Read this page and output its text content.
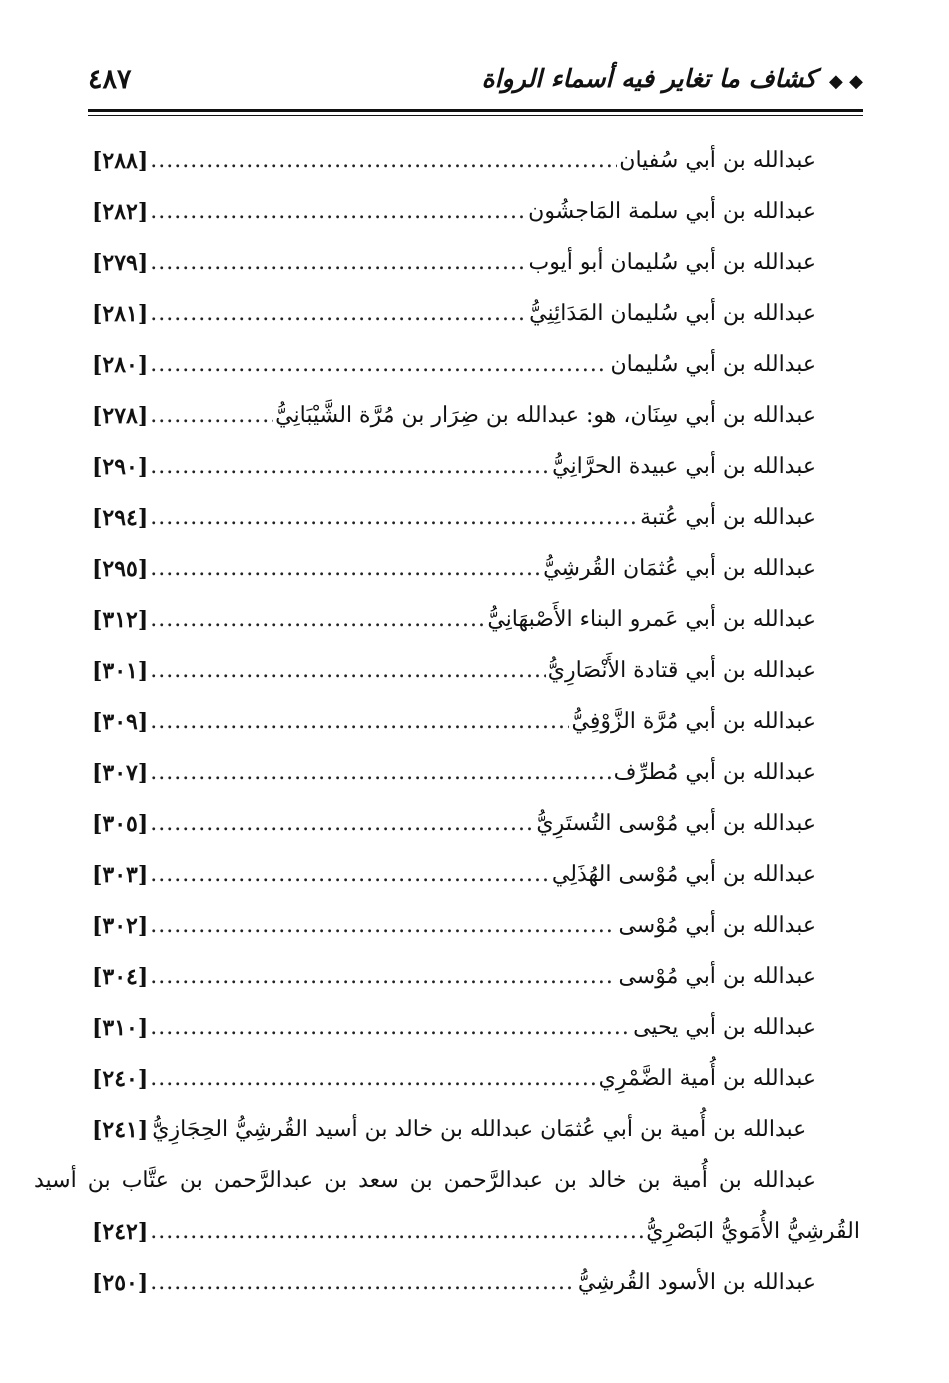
◆ ◆ كشاف ما تغاير فيه أسماء الرواة
٤٨٧
[٢٨٨] .....	عبدالله بن أبي سُفيان
[٢٨٢] .....	عبدالله بن أبي سلمة المَاجشُون
[٢٧٩] .....	عبدالله بن أبي سُليمان أبو أيوب
[٢٨١] .....	عبدالله بن أبي سُليمان المَدَائِنِيُّ
[٢٨٠] .....	عبدالله بن أبي سُليمان
[٢٧٨] .....	عبدالله بن أبي سِنَان، هو: عبدالله بن ضِرَار بن مُرَّة الشَّيْبَانِيُّ
[٢٩٠] .....	عبدالله بن أبي عبيدة الحرَّانِيُّ
[٢٩٤] .....	عبدالله بن أبي عُتبة
[٢٩٥] .....	عبدالله بن أبي عُثمَان القُرشِيُّ
[٣١٢] .....	عبدالله بن أبي عَمرو البناء الأَصْبهَانِيُّ
[٣٠١] .....	عبدالله بن أبي قتادة الأَنْصَارِيُّ
[٣٠٩] .....	عبدالله بن أبي مُرَّة الزَّوْفِيُّ
[٣٠٧] .....	عبدالله بن أبي مُطرِّف
[٣٠٥] .....	عبدالله بن أبي مُوْسى التُستَرِيُّ
[٣٠٣] .....	عبدالله بن أبي مُوْسى الهُذَلِي
[٣٠٢] .....	عبدالله بن أبي مُوْسى
[٣٠٤] .....	عبدالله بن أبي مُوْسى
[٣١٠] .....	عبدالله بن أبي يحيى
[٢٤٠] .....	عبدالله بن أُمية الضَّمْرِي
[٢٤١] عبدالله بن أُمية بن أبي عُثمَان عبدالله بن خالد بن أسيد القُرشِيُّ الحِجَازِيُّ
عبدالله بن أُمية بن خالد بن عبدالرَّحمن بن سعد بن عبدالرَّحمن بن عتَّاب بن أسيد
[٢٤٢] .....	القُرشِيُّ الأُمَويُّ البَصْرِيُّ
[٢٥٠] .....	عبدالله بن الأسود القُرشِيُّ
